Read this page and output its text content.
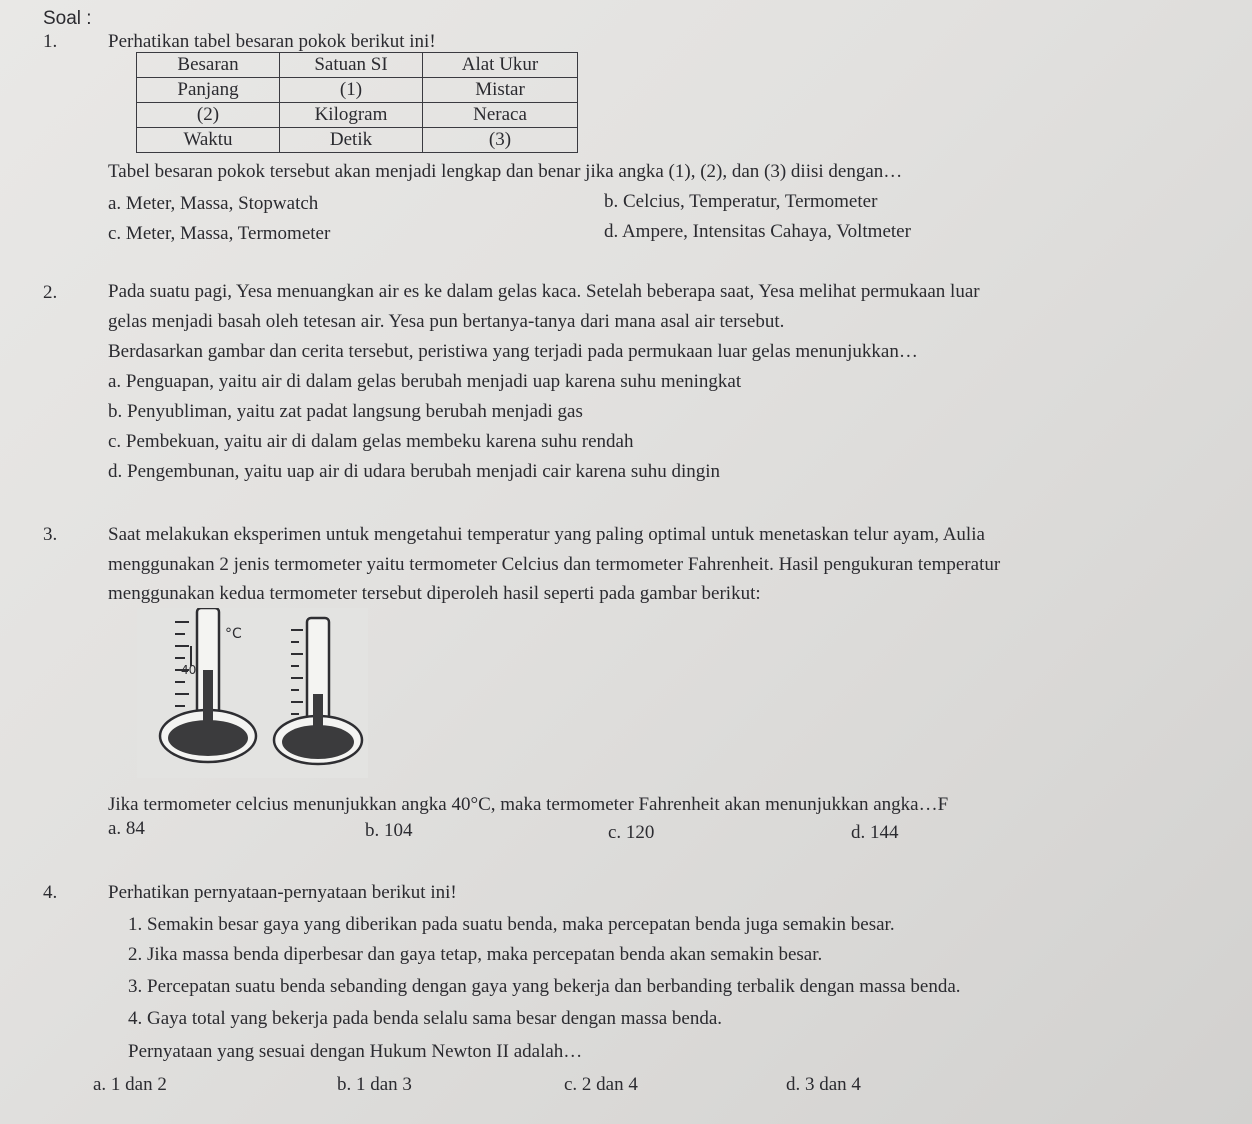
Soal :
1.	Perhatikan tabel besaran pokok berikut ini!
Besaran	Satuan SI	Alat Ukur
Panjang	(1)	Mistar
(2)	Kilogram	Neraca
Waktu	Detik	(3)
Tabel besaran pokok tersebut akan menjadi lengkap dan benar jika angka (1), (2), dan (3) diisi dengan…
a. Meter, Massa, Stopwatch	b. Celcius, Temperatur, Termometer
c. Meter, Massa, Termometer	d. Ampere, Intensitas Cahaya, Voltmeter
2.	Pada suatu pagi, Yesa menuangkan air es ke dalam gelas kaca. Setelah beberapa saat, Yesa melihat permukaan luar
gelas menjadi basah oleh tetesan air. Yesa pun bertanya-tanya dari mana asal air tersebut.
Berdasarkan gambar dan cerita tersebut, peristiwa yang terjadi pada permukaan luar gelas menunjukkan…
a. Penguapan, yaitu air di dalam gelas berubah menjadi uap karena suhu meningkat
b. Penyubliman, yaitu zat padat langsung berubah menjadi gas
c. Pembekuan, yaitu air di dalam gelas membeku karena suhu rendah
d. Pengembunan, yaitu uap air di udara berubah menjadi cair karena suhu dingin
3.	Saat melakukan eksperimen untuk mengetahui temperatur yang paling optimal untuk menetaskan telur ayam, Aulia
menggunakan 2 jenis termometer yaitu termometer Celcius dan termometer Fahrenheit. Hasil pengukuran temperatur
menggunakan kedua termometer tersebut diperoleh hasil seperti pada gambar berikut:
°C
40
Jika termometer celcius menunjukkan angka 40°C, maka termometer Fahrenheit akan menunjukkan angka…F
a. 84	b. 104	c. 120	d. 144
4.	Perhatikan pernyataan-pernyataan berikut ini!
1. Semakin besar gaya yang diberikan pada suatu benda, maka percepatan benda juga semakin besar.
2. Jika massa benda diperbesar dan gaya tetap, maka percepatan benda akan semakin besar.
3. Percepatan suatu benda sebanding dengan gaya yang bekerja dan berbanding terbalik dengan massa benda.
4. Gaya total yang bekerja pada benda selalu sama besar dengan massa benda.
Pernyataan yang sesuai dengan Hukum Newton II adalah…
a. 1 dan 2	b. 1 dan 3	c. 2 dan 4	d. 3 dan 4
